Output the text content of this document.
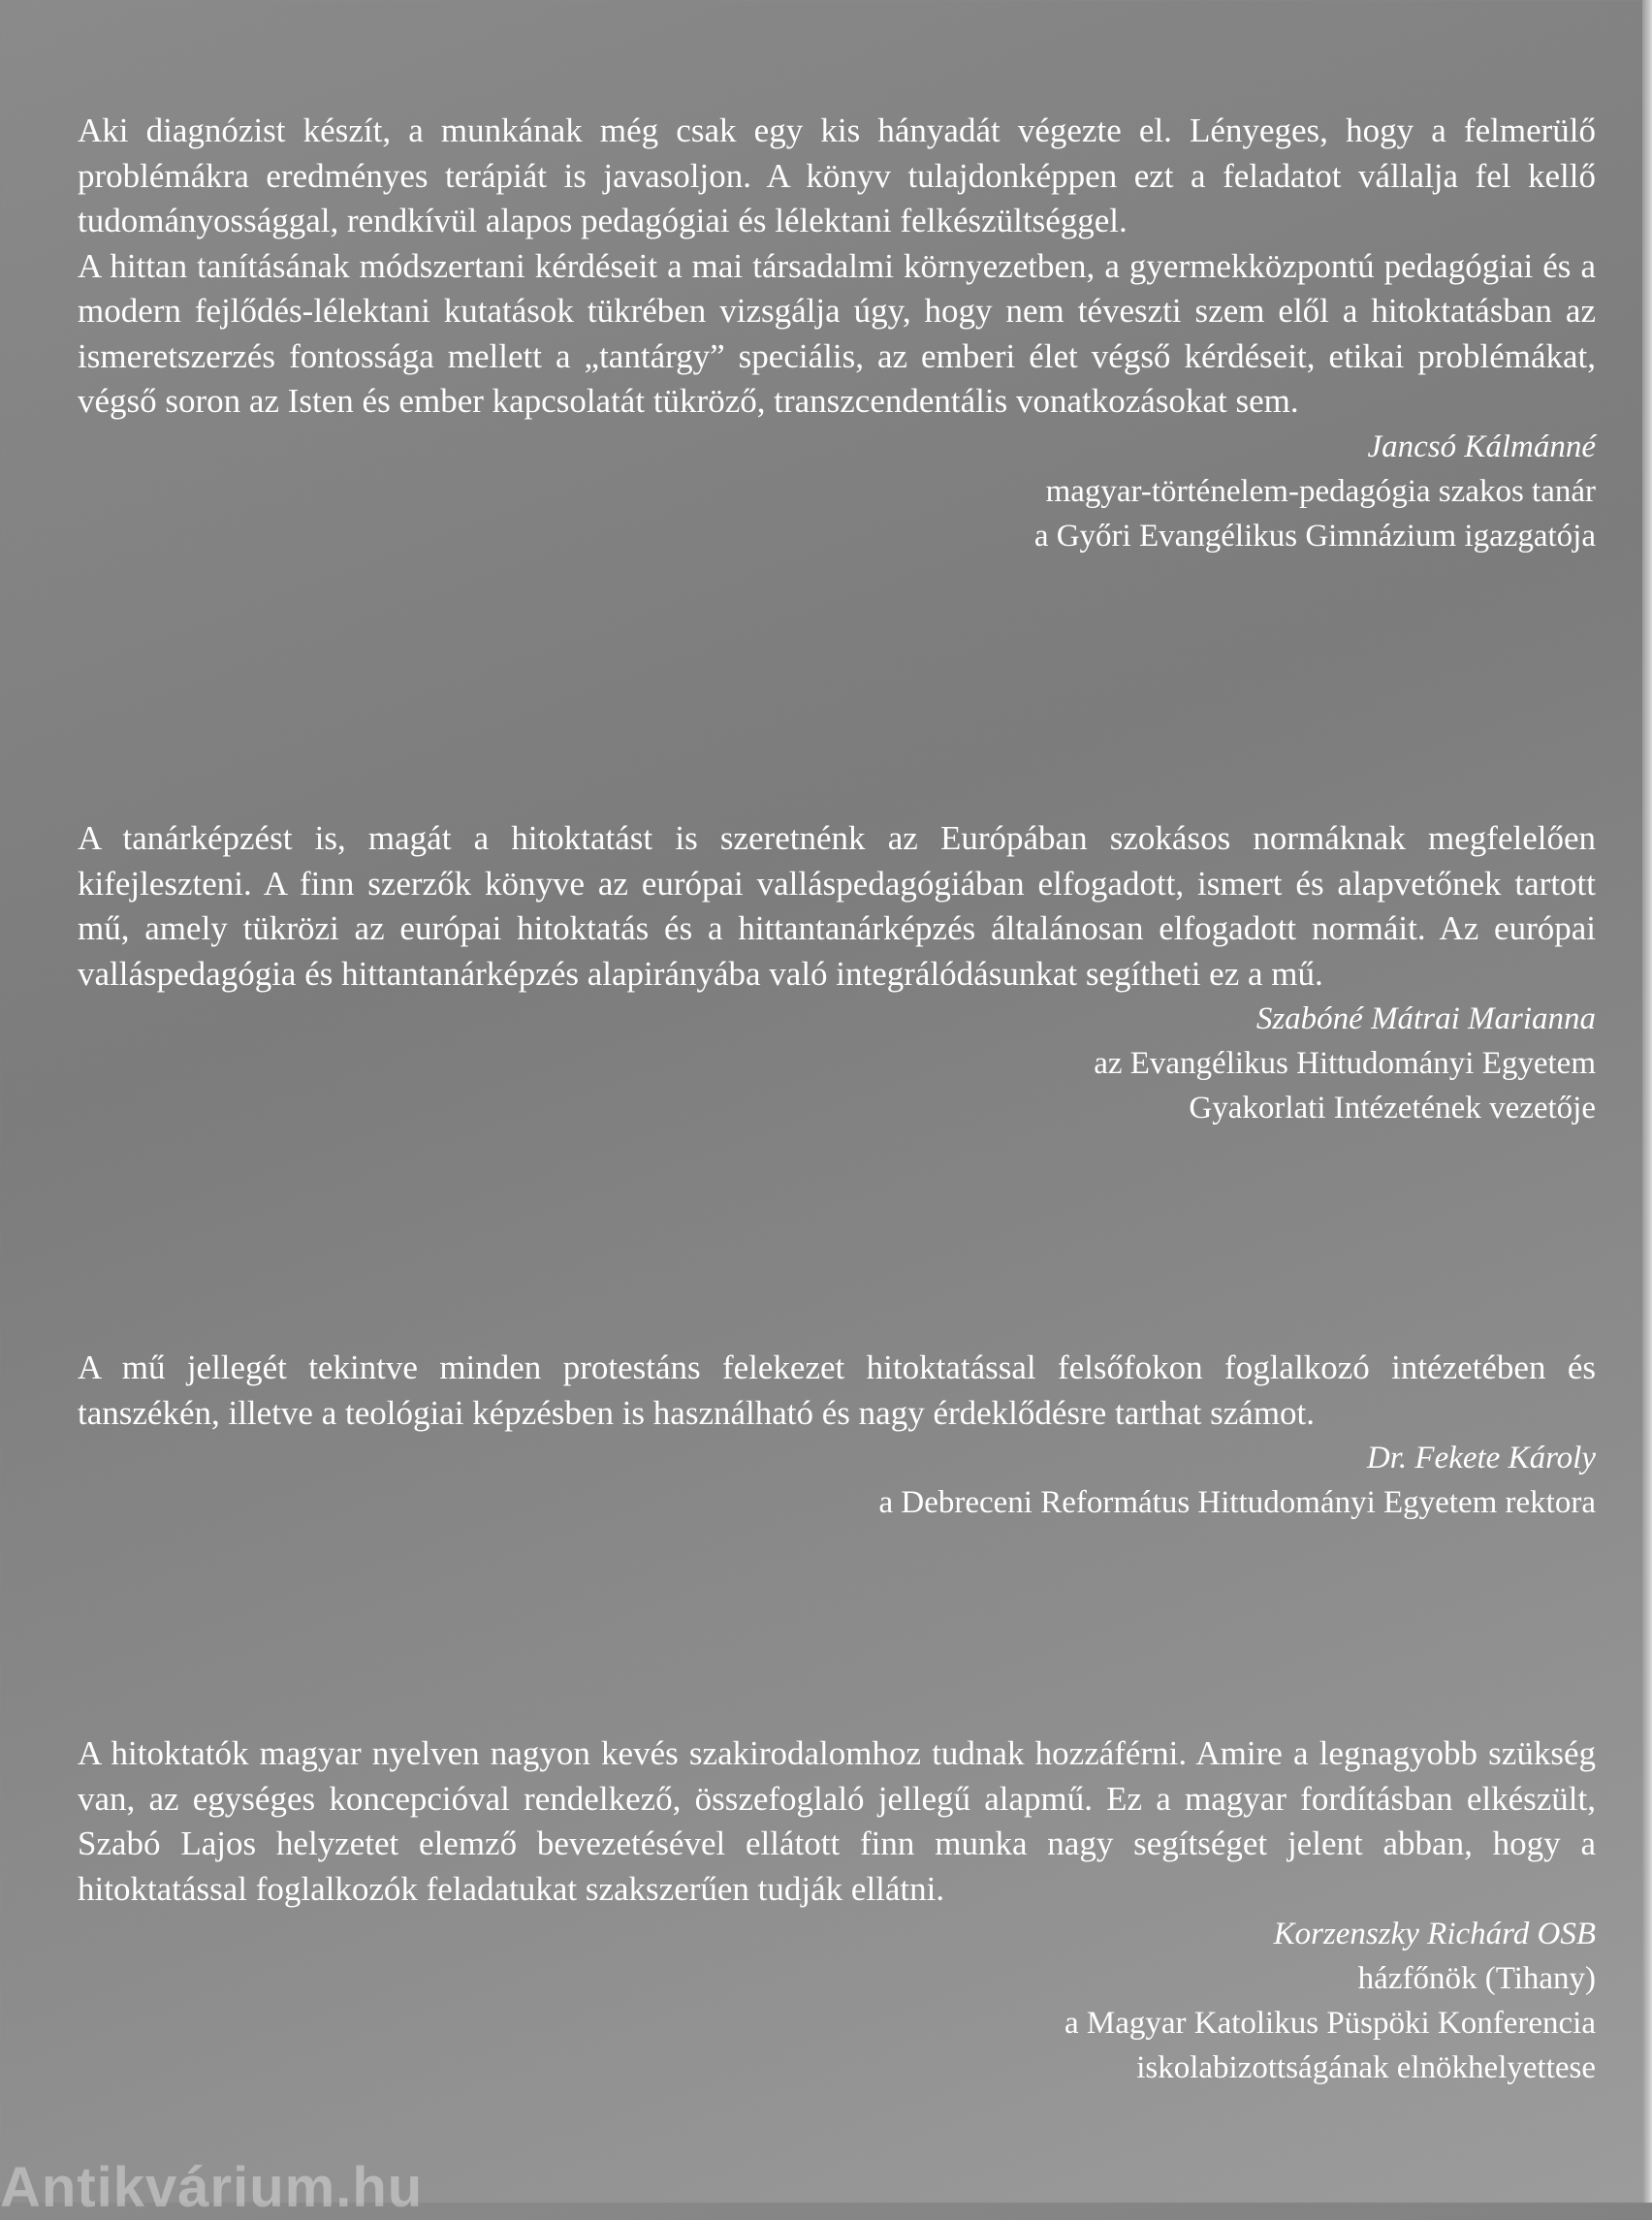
Aki diagnózist készít, a munkának még csak egy kis hányadát végezte el. Lényeges, hogy a felmerülő problémákra eredményes terápiát is javasoljon. A könyv tulajdonképpen ezt a feladatot vállalja fel kellő tudományossággal, rendkívül alapos pedagógiai és lélektani felkészültséggel.

A hittan tanításának módszertani kérdéseit a mai társadalmi környezetben, a gyermekközpontú pedagógiai és a modern fejlődés-lélektani kutatások tükrében vizsgálja úgy, hogy nem téveszti szem elől a hitoktatásban az ismeretszerzés fontossága mellett a „tantárgy” speciális, az emberi élet végső kérdéseit, etikai problémákat, végső soron az Isten és ember kapcsolatát tükröző, transzcendentális vonatkozásokat sem.

Jancsó Kálmánné

magyar-történelem-pedagógia szakos tanár

a Győri Evangélikus Gimnázium igazgatója

A tanárképzést is, magát a hitoktatást is szeretnénk az Európában szokásos normáknak megfelelően kifejleszteni. A finn szerzők könyve az európai valláspedagógiában elfogadott, ismert és alapvetőnek tartott mű, amely tükrözi az európai hitoktatás és a hittantanárképzés általánosan elfogadott normáit. Az európai valláspedagógia és hittantanárképzés alapirányába való integrálódásunkat segítheti ez a mű.

Szabóné Mátrai Marianna

az Evangélikus Hittudományi Egyetem

Gyakorlati Intézetének vezetője

A mű jellegét tekintve minden protestáns felekezet hitoktatással felsőfokon foglalkozó intézetében és tanszékén, illetve a teológiai képzésben is használható és nagy érdeklődésre tarthat számot.

Dr. Fekete Károly

a Debreceni Református Hittudományi Egyetem rektora

A hitoktatók magyar nyelven nagyon kevés szakirodalomhoz tudnak hozzáférni. Amire a legnagyobb szükség van, az egységes koncepcióval rendelkező, összefoglaló jellegű alapmű. Ez a magyar fordításban elkészült, Szabó Lajos helyzetet elemző bevezetésével ellátott finn munka nagy segítséget jelent abban, hogy a hitoktatással foglalkozók feladatukat szakszerűen tudják ellátni.

Korzenszky Richárd OSB

házfőnök (Tihany)

a Magyar Katolikus Püspöki Konferencia

iskolabizottságának elnökhelyettese

Antikvárium.hu
